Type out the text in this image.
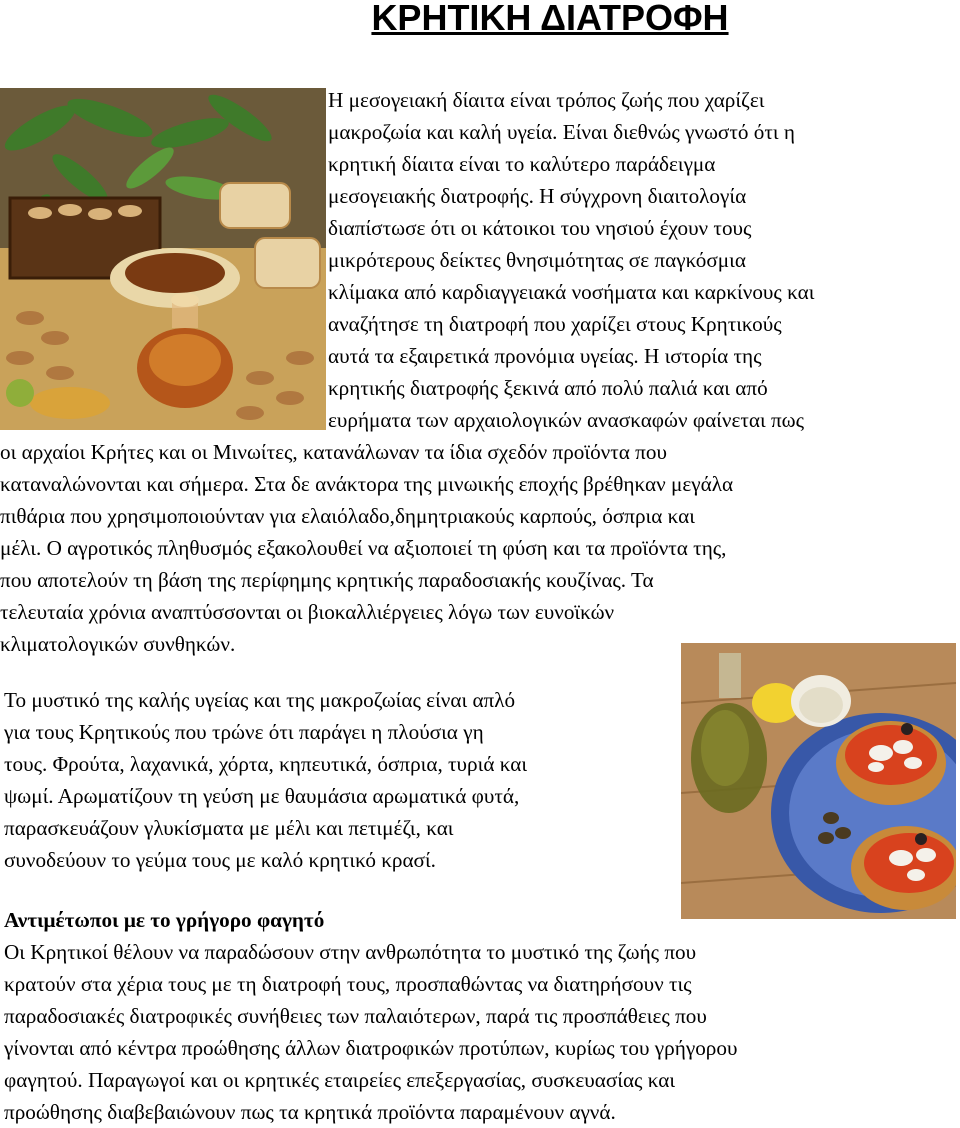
ΚΡΗΤΙΚΗ ΔΙΑΤΡΟΦΗ
Η μεσογειακή δίαιτα είναι τρόπος ζωής που χαρίζει
μακροζωία και καλή υγεία. Είναι διεθνώς γνωστό ότι η
κρητική δίαιτα είναι το καλύτερο παράδειγμα
μεσογειακής διατροφής. Η σύγχρονη διαιτολογία
διαπίστωσε ότι οι κάτοικοι του νησιού έχουν τους
μικρότερους δείκτες θνησιμότητας σε παγκόσμια
κλίμακα από καρδιαγγειακά νοσήματα και καρκίνους και
αναζήτησε τη διατροφή που χαρίζει στους Κρητικούς
αυτά τα εξαιρετικά προνόμια υγείας. Η ιστορία της
κρητικής διατροφής ξεκινά από πολύ παλιά και από
ευρήματα των αρχαιολογικών ανασκαφών φαίνεται πως
οι αρχαίοι Κρήτες και οι Μινωίτες, κατανάλωναν τα ίδια σχεδόν προϊόντα που
καταναλώνονται και σήμερα. Στα δε ανάκτορα της μινωικής εποχής βρέθηκαν μεγάλα
πιθάρια που χρησιμοποιούνταν για ελαιόλαδο,δημητριακούς καρπούς, όσπρια και
μέλι. Ο αγροτικός πληθυσμός εξακολουθεί να αξιοποιεί τη φύση και τα προϊόντα της,
που αποτελούν τη βάση της περίφημης κρητικής παραδοσιακής κουζίνας. Τα
τελευταία χρόνια αναπτύσσονται οι βιοκαλλιέργειες λόγω των ευνοϊκών
κλιματολογικών συνθηκών.
Το μυστικό της καλής υγείας και της μακροζωίας είναι απλό
για τους Κρητικούς που τρώνε ότι παράγει η πλούσια γη
τους. Φρούτα, λαχανικά, χόρτα, κηπευτικά, όσπρια, τυριά και
ψωμί. Αρωματίζουν τη γεύση με θαυμάσια αρωματικά φυτά,
παρασκευάζουν γλυκίσματα με μέλι και πετιμέζι, και
συνοδεύουν το γεύμα τους με καλό κρητικό κρασί.
Αντιμέτωποι με το γρήγορο φαγητό
Οι Κρητικοί θέλουν να παραδώσουν στην ανθρωπότητα το μυστικό της ζωής που
κρατούν στα χέρια τους με τη διατροφή τους, προσπαθώντας να διατηρήσουν τις
παραδοσιακές διατροφικές συνήθειες των παλαιότερων, παρά τις προσπάθειες που
γίνονται από κέντρα προώθησης άλλων διατροφικών προτύπων, κυρίως του γρήγορου
φαγητού. Παραγωγοί και οι κρητικές εταιρείες επεξεργασίας, συσκευασίας και
προώθησης διαβεβαιώνουν πως τα κρητικά προϊόντα παραμένουν αγνά.
